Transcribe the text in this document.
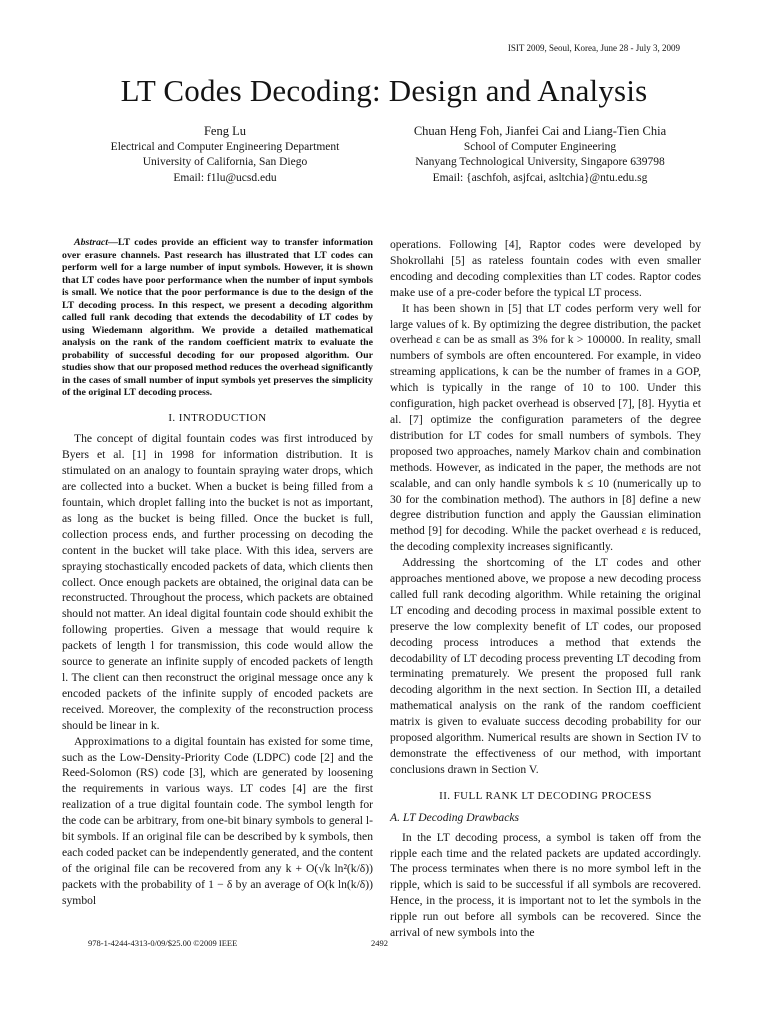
ISIT 2009, Seoul, Korea, June 28 - July 3, 2009
LT Codes Decoding: Design and Analysis
Feng Lu
Electrical and Computer Engineering Department
University of California, San Diego
Email: f1lu@ucsd.edu
Chuan Heng Foh, Jianfei Cai and Liang-Tien Chia
School of Computer Engineering
Nanyang Technological University, Singapore 639798
Email: {aschfoh, asjfcai, asltchia}@ntu.edu.sg

Abstract—LT codes provide an efficient way to transfer information over erasure channels. Past research has illustrated that LT codes can perform well for a large number of input symbols. However, it is shown that LT codes have poor performance when the number of input symbols is small. We notice that the poor performance is due to the design of the LT decoding process. In this respect, we present a decoding algorithm called full rank decoding that extends the decodability of LT codes by using Wiedemann algorithm. We provide a detailed mathematical analysis on the rank of the random coefficient matrix to evaluate the probability of successful decoding for our proposed algorithm. Our studies show that our proposed method reduces the overhead significantly in the cases of small number of input symbols yet preserves the simplicity of the original LT decoding process.

I. INTRODUCTION

The concept of digital fountain codes was first introduced by Byers et al. [1] in 1998 for information distribution. It is stimulated on an analogy to fountain spraying water drops, which are collected into a bucket. When a bucket is being filled from a fountain, which droplet falling into the bucket is not as important, as long as the bucket is being filled. Once the bucket is full, collection process ends, and further processing on decoding the content in the bucket will take place. With this idea, servers are spraying stochastically encoded packets of data, which clients then collect. Once enough packets are obtained, the original data can be reconstructed. Throughout the process, which packets are obtained should not matter. An ideal digital fountain code should exhibit the following properties. Given a message that would require k packets of length l for transmission, this code would allow the source to generate an infinite supply of encoded packets of length l. The client can then reconstruct the original message once any k encoded packets of the infinite supply of encoded packets are received. Moreover, the complexity of the reconstruction process should be linear in k.

Approximations to a digital fountain has existed for some time, such as the Low-Density-Priority Code (LDPC) code [2] and the Reed-Solomon (RS) code [3], which are generated by loosening the requirements in various ways. LT codes [4] are the first realization of a true digital fountain code. The symbol length for the code can be arbitrary, from one-bit binary symbols to general l-bit symbols. If an original file can be described by k symbols, then each coded packet can be independently generated, and the content of the original file can be recovered from any k + O(√k ln²(k/δ)) packets with the probability of 1 − δ by an average of O(k ln(k/δ)) symbol

operations. Following [4], Raptor codes were developed by Shokrollahi [5] as rateless fountain codes with even smaller encoding and decoding complexities than LT codes. Raptor codes make use of a pre-coder before the typical LT process.

It has been shown in [5] that LT codes perform very well for large values of k. By optimizing the degree distribution, the packet overhead ε can be as small as 3% for k > 100000. In reality, small numbers of symbols are often encountered. For example, in video streaming applications, k can be the number of frames in a GOP, which is typically in the range of 10 to 100. Under this configuration, high packet overhead is observed [7], [8]. Hyytia et al. [7] optimize the configuration parameters of the degree distribution for LT codes for small numbers of symbols. They proposed two approaches, namely Markov chain and combination methods. However, as indicated in the paper, the methods are not scalable, and can only handle symbols k ≤ 10 (numerically up to 30 for the combination method). The authors in [8] define a new degree distribution function and apply the Gaussian elimination method [9] for decoding. While the packet overhead ε is reduced, the decoding complexity increases significantly.

Addressing the shortcoming of the LT codes and other approaches mentioned above, we propose a new decoding process called full rank decoding algorithm. While retaining the original LT encoding and decoding process in maximal possible extent to preserve the low complexity benefit of LT codes, our proposed decoding process introduces a method that extends the decodability of LT decoding process preventing LT decoding from terminating prematurely. We present the proposed full rank decoding algorithm in the next section. In Section III, a detailed mathematical analysis on the rank of the random coefficient matrix is given to evaluate success decoding probability for our proposed algorithm. Numerical results are shown in Section IV to demonstrate the effectiveness of our method, with important conclusions drawn in Section V.

II. FULL RANK LT DECODING PROCESS
A. LT Decoding Drawbacks

In the LT decoding process, a symbol is taken off from the ripple each time and the related packets are updated accordingly. The process terminates when there is no more symbol left in the ripple, which is said to be successful if all symbols are recovered. Hence, in the process, it is important not to let the symbols in the ripple run out before all symbols can be recovered. Since the arrival of new symbols into the

978-1-4244-4313-0/09/$25.00 ©2009 IEEE	2492
